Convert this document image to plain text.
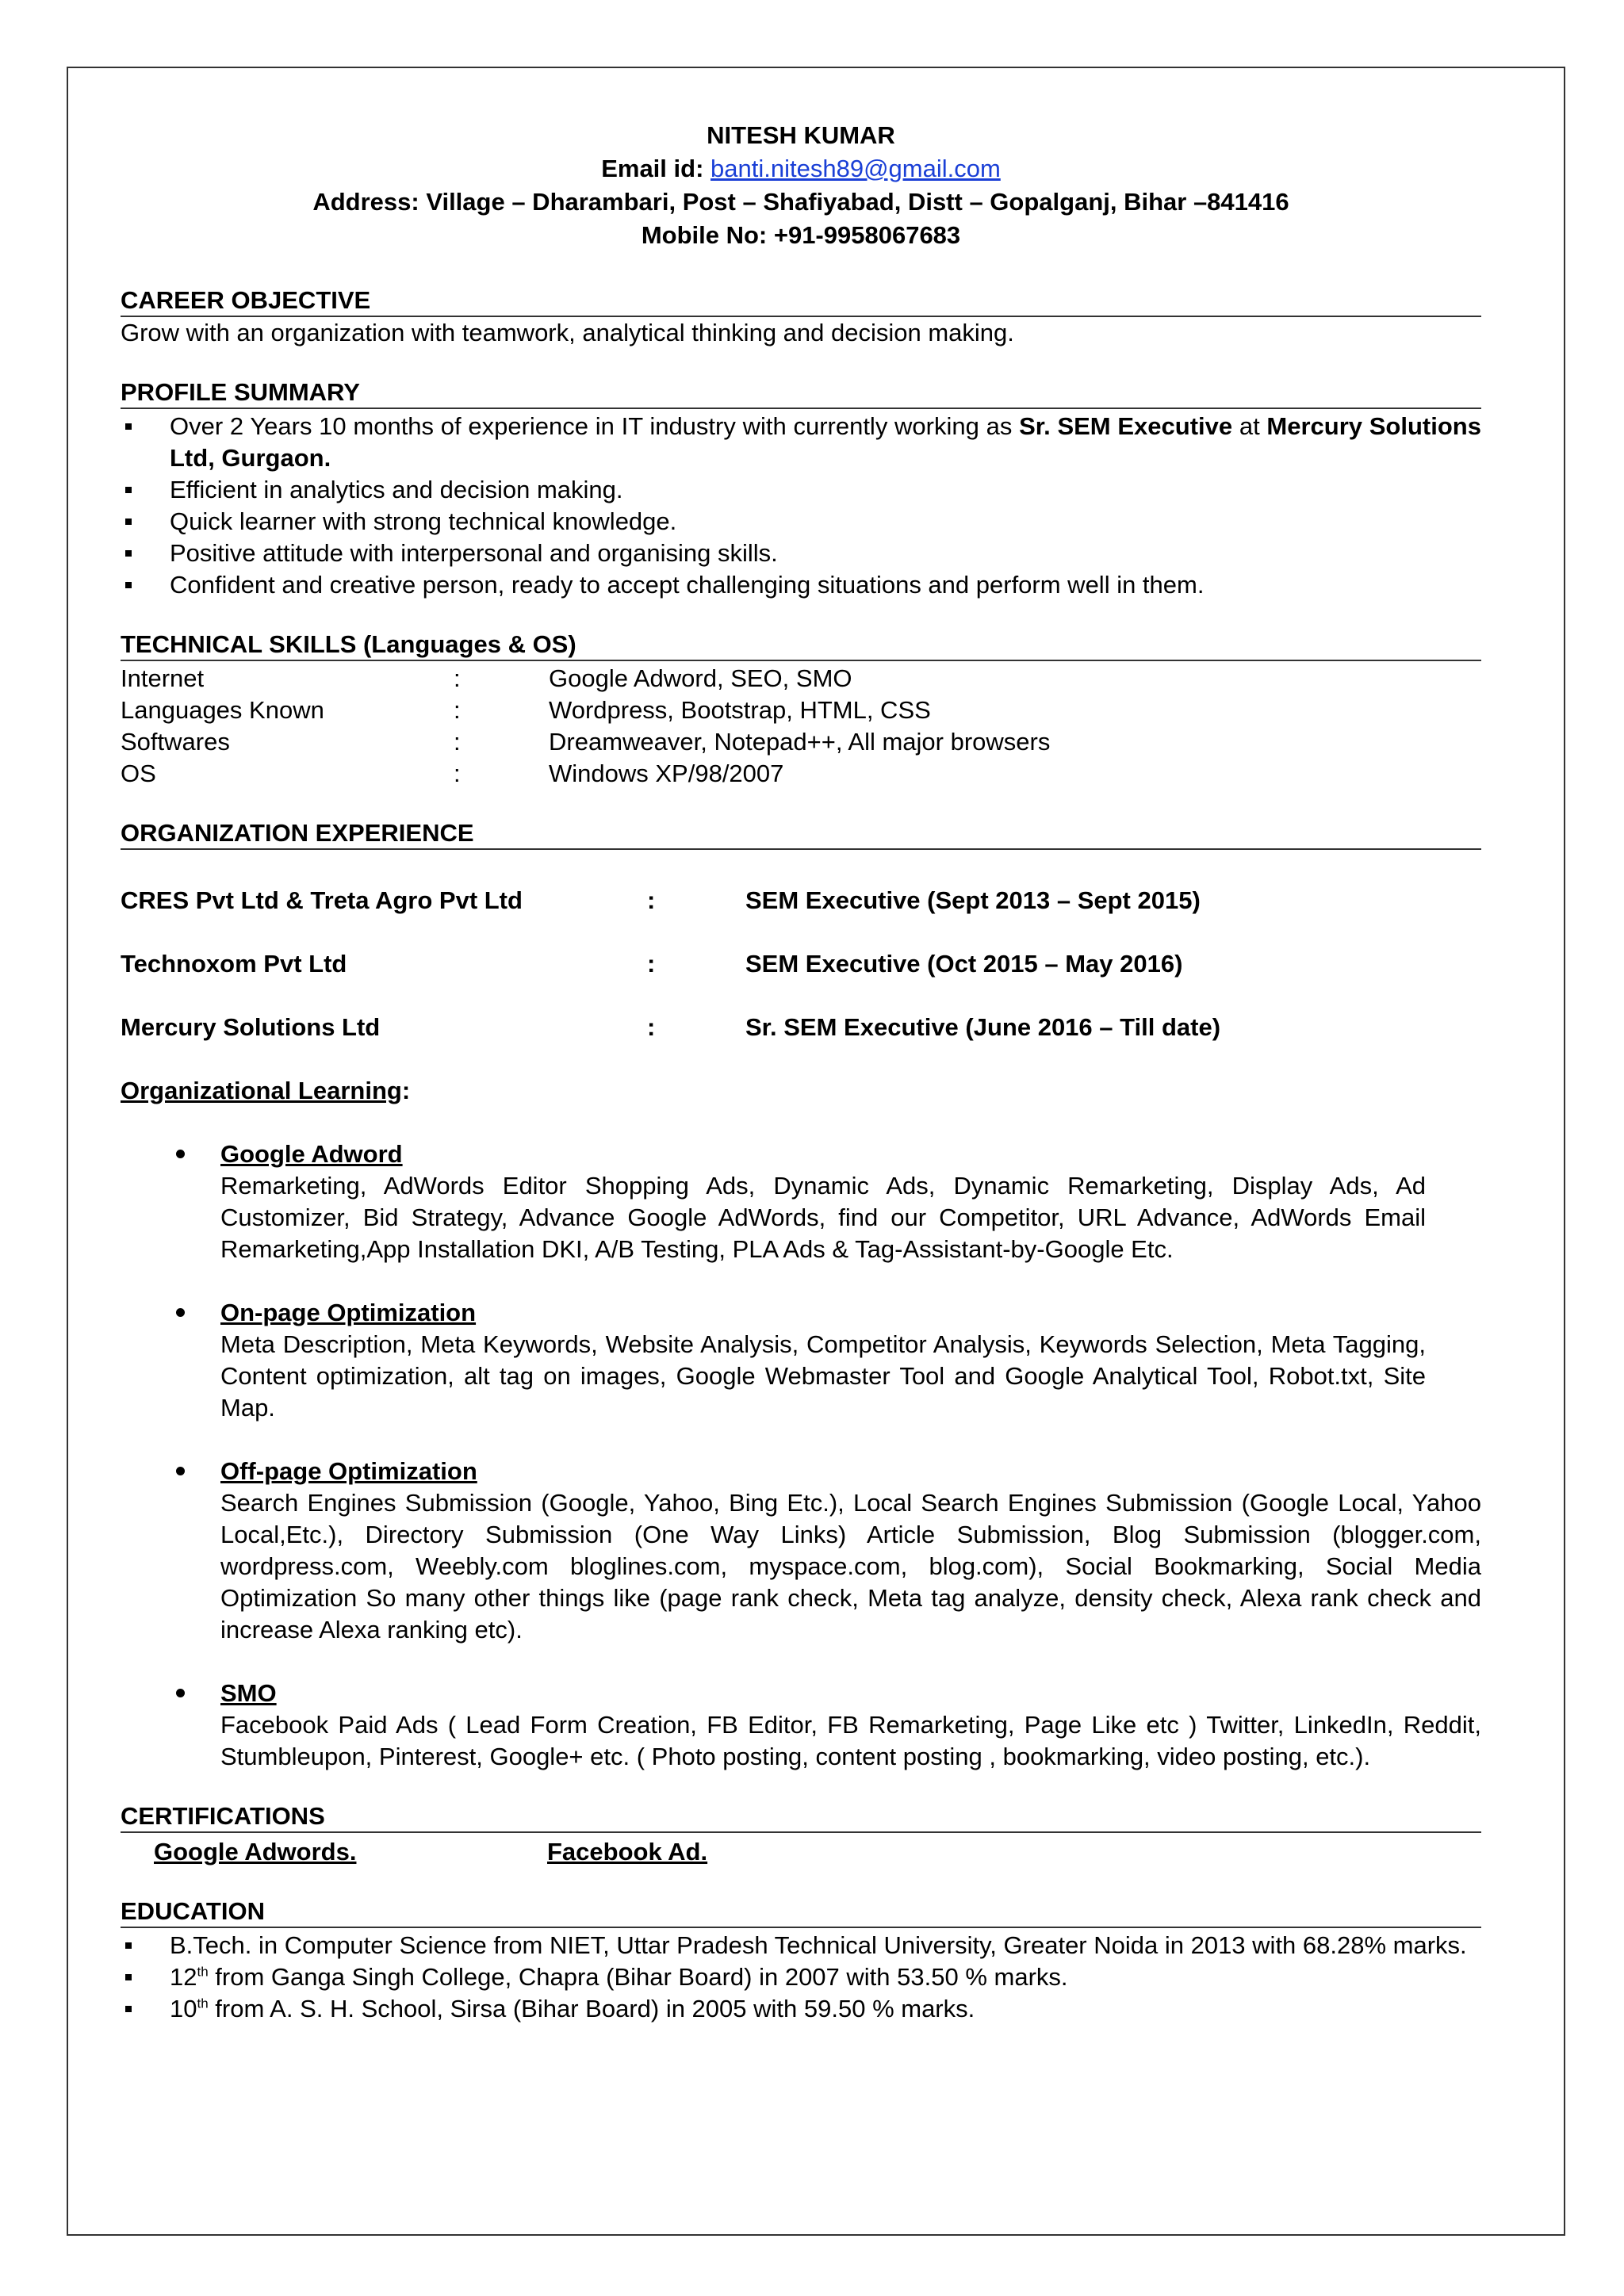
NITESH KUMAR
Email id: banti.nitesh89@gmail.com
Address: Village – Dharambari, Post – Shafiyabad, Distt – Gopalganj, Bihar –841416
Mobile No: +91-9958067683
CAREER OBJECTIVE

Grow with an organization with teamwork, analytical thinking and decision making.

PROFILE SUMMARY
Over 2 Years 10 months of experience in IT industry with currently working as Sr. SEM Executive at Mercury Solutions Ltd, Gurgaon.
Efficient in analytics and decision making.
Quick learner with strong technical knowledge.
Positive attitude with interpersonal and organising skills.
Confident and creative person, ready to accept challenging situations and perform well in them.
TECHNICAL SKILLS (Languages & OS)
Internet	:	Google Adword, SEO, SMO
Languages Known	:	Wordpress, Bootstrap, HTML, CSS
Softwares	:	Dreamweaver, Notepad++, All major browsers
OS	:	Windows XP/98/2007
ORGANIZATION EXPERIENCE
CRES Pvt Ltd & Treta Agro Pvt Ltd	:	SEM Executive (Sept 2013 – Sept 2015)
Technoxom Pvt Ltd	:	SEM Executive (Oct 2015 – May 2016)
Mercury Solutions Ltd	:	Sr. SEM Executive (June 2016 – Till date)
Organizational Learning:
Google Adword
Remarketing, AdWords Editor Shopping Ads, Dynamic Ads, Dynamic Remarketing, Display Ads, Ad Customizer, Bid Strategy, Advance Google AdWords, find our Competitor, URL Advance, AdWords Email Remarketing,App Installation DKI, A/B Testing, PLA Ads & Tag-Assistant-by-Google Etc.
On-page Optimization
Meta Description, Meta Keywords, Website Analysis, Competitor Analysis, Keywords Selection, Meta Tagging, Content optimization, alt tag on images, Google Webmaster Tool and Google Analytical Tool, Robot.txt, Site Map.
Off-page Optimization
Search Engines Submission (Google, Yahoo, Bing Etc.), Local Search Engines Submission (Google Local, Yahoo Local,Etc.), Directory Submission (One Way Links) Article Submission, Blog Submission (blogger.com, wordpress.com, Weebly.com bloglines.com, myspace.com, blog.com), Social Bookmarking, Social Media Optimization So many other things like (page rank check, Meta tag analyze, density check, Alexa rank check and increase Alexa ranking etc).
SMO
Facebook Paid Ads ( Lead Form Creation, FB Editor, FB Remarketing, Page Like etc ) Twitter, LinkedIn, Reddit, Stumbleupon, Pinterest, Google+ etc. ( Photo posting, content posting , bookmarking, video posting, etc.).
CERTIFICATIONS
Google Adwords.	Facebook Ad.
EDUCATION
B.Tech. in Computer Science from NIET, Uttar Pradesh Technical University, Greater Noida in 2013 with 68.28% marks.
12th from Ganga Singh College, Chapra (Bihar Board) in 2007 with 53.50 % marks.
10th from A. S. H. School, Sirsa (Bihar Board) in 2005 with 59.50 % marks.
